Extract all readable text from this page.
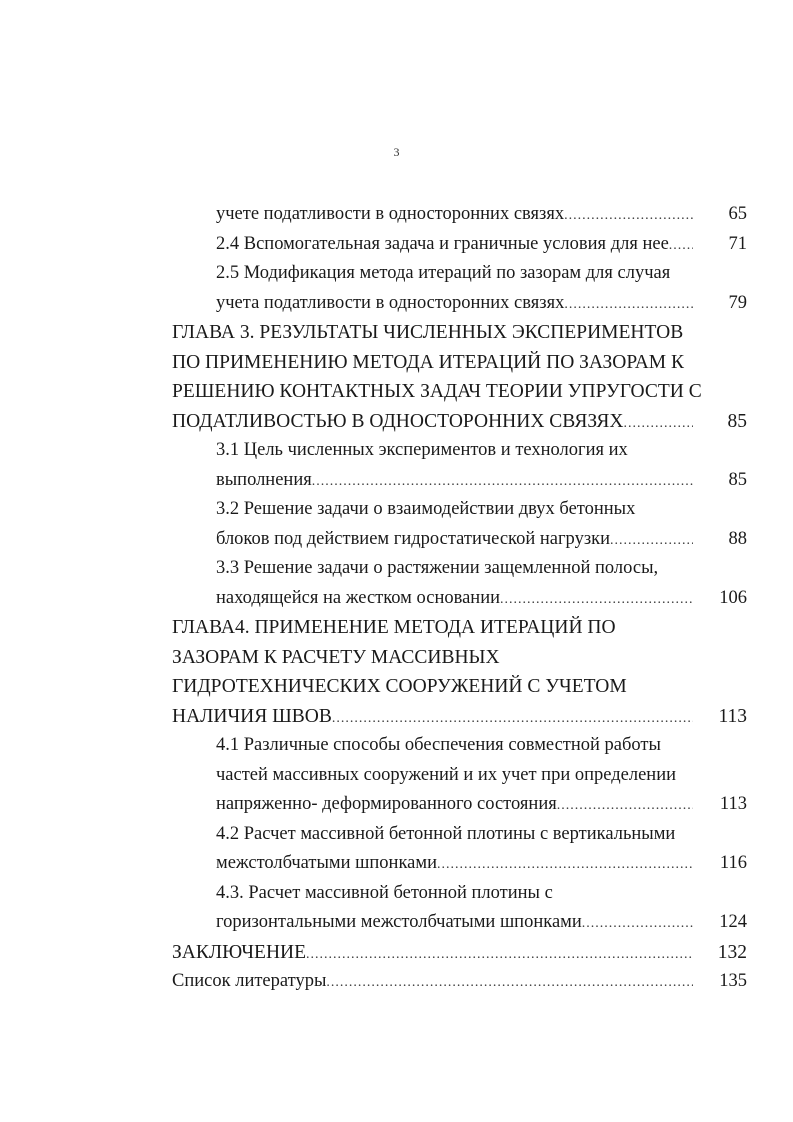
3
учете податливости в односторонних связях .....	65
2.4 Вспомогательная задача и граничные условия для нее .....	71
2.5 Модификация метода итераций по зазорам для случая
учета податливости в односторонних связях .....	79
ГЛАВА 3. РЕЗУЛЬТАТЫ ЧИСЛЕННЫХ ЭКСПЕРИМЕНТОВ
ПО ПРИМЕНЕНИЮ МЕТОДА ИТЕРАЦИЙ ПО ЗАЗОРАМ К
РЕШЕНИЮ КОНТАКТНЫХ ЗАДАЧ ТЕОРИИ УПРУГОСТИ С
ПОДАТЛИВОСТЬЮ В ОДНОСТОРОННИХ СВЯЗЯХ .....	85
3.1 Цель численных экспериментов и технология их
выполнения .....	85
3.2 Решение задачи о взаимодействии двух бетонных
блоков под действием гидростатической нагрузки .....	88
3.3 Решение задачи о растяжении защемленной полосы,
находящейся на жестком основании .....	106
ГЛАВА4. ПРИМЕНЕНИЕ МЕТОДА ИТЕРАЦИЙ ПО
ЗАЗОРАМ К РАСЧЕТУ МАССИВНЫХ
ГИДРОТЕХНИЧЕСКИХ СООРУЖЕНИЙ С УЧЕТОМ
НАЛИЧИЯ ШВОВ .....	113
4.1 Различные способы обеспечения совместной работы
частей массивных сооружений и их учет при определении
напряженно- деформированного состояния .....	113
4.2 Расчет массивной бетонной плотины с вертикальными
межстолбчатыми шпонками .....	116
4.3. Расчет массивной бетонной плотины с
горизонтальными межстолбчатыми шпонками .....	124
ЗАКЛЮЧЕНИЕ .....	132
Список литературы .....	135
